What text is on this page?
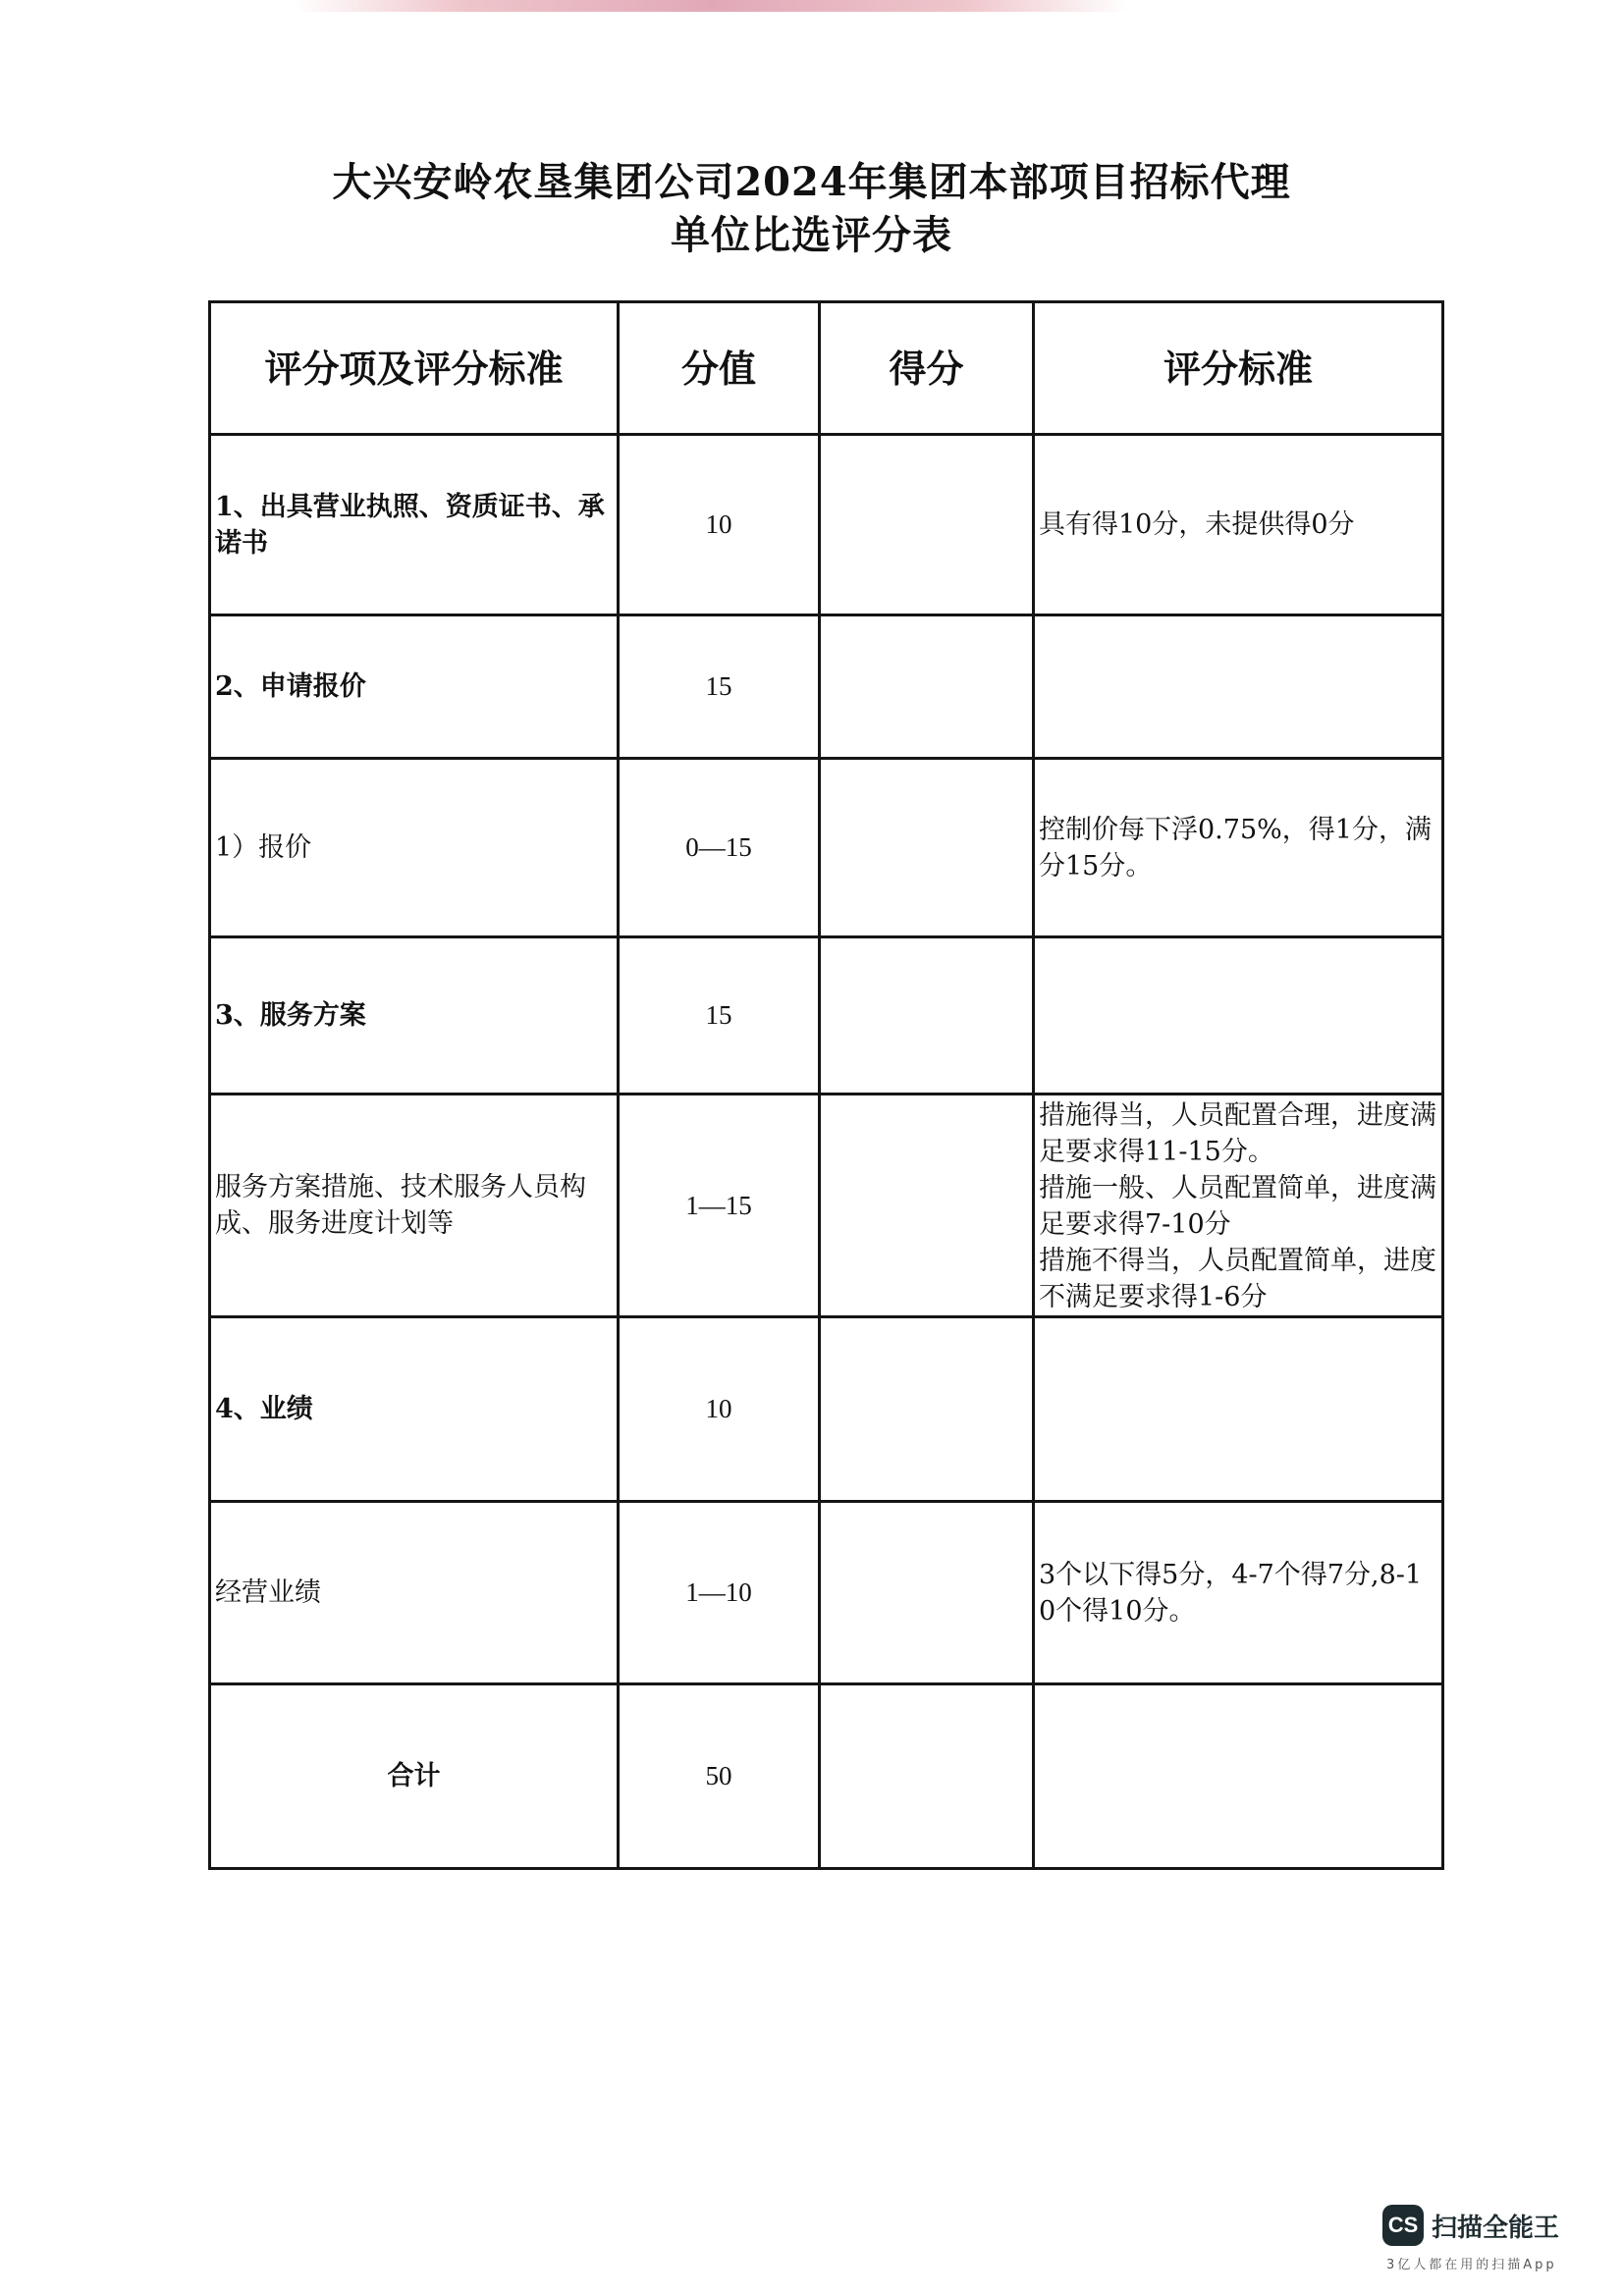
大兴安岭农垦集团公司2024年集团本部项目招标代理
单位比选评分表
评分项及评分标准	分值	得分	评分标准
1、出具营业执照、资质证书、承诺书	10		具有得10分，未提供得0分
2、申请报价	15		
1）报价	0—15		控制价每下浮0.75%，得1分，满分15分。
3、服务方案	15		
服务方案措施、技术服务人员构成、服务进度计划等	1—15		措施得当，人员配置合理，进度满足要求得11-15分。
措施一般、人员配置简单，进度满足要求得7-10分
措施不得当，人员配置简单，进度不满足要求得1-6分

4、业绩	10		
经营业绩	1—10		3个以下得5分，4-7个得7分,8-10个得10分。
合计	50		
CS 扫描全能王
3亿人都在用的扫描App
